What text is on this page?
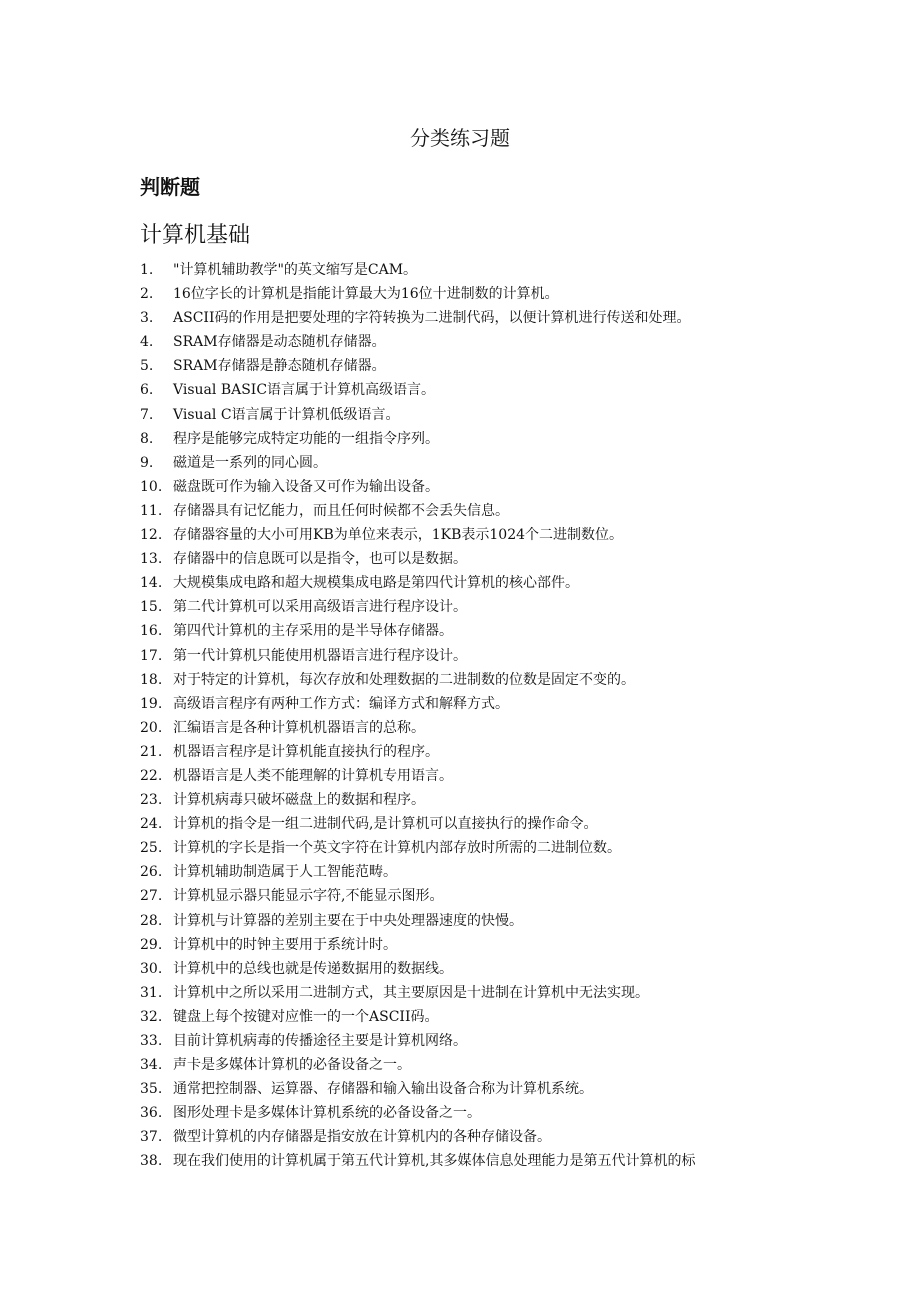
分类练习题
判断题
计算机基础
1.	"计算机辅助教学"的英文缩写是CAM。
2.	16位字长的计算机是指能计算最大为16位十进制数的计算机。
3.	ASCII码的作用是把要处理的字符转换为二进制代码，以便计算机进行传送和处理。
4.	SRAM存储器是动态随机存储器。
5.	SRAM存储器是静态随机存储器。
6.	Visual BASIC语言属于计算机高级语言。
7.	Visual C语言属于计算机低级语言。
8.	程序是能够完成特定功能的一组指令序列。
9.	磁道是一系列的同心圆。
10. 磁盘既可作为输入设备又可作为输出设备。
11. 存储器具有记忆能力，而且任何时候都不会丢失信息。
12. 存储器容量的大小可用KB为单位来表示，1KB表示1024个二进制数位。
13. 存储器中的信息既可以是指令，也可以是数据。
14. 大规模集成电路和超大规模集成电路是第四代计算机的核心部件。
15. 第二代计算机可以采用高级语言进行程序设计。
16. 第四代计算机的主存采用的是半导体存储器。
17. 第一代计算机只能使用机器语言进行程序设计。
18. 对于特定的计算机，每次存放和处理数据的二进制数的位数是固定不变的。
19. 高级语言程序有两种工作方式：编译方式和解释方式。
20. 汇编语言是各种计算机机器语言的总称。
21. 机器语言程序是计算机能直接执行的程序。
22. 机器语言是人类不能理解的计算机专用语言。
23. 计算机病毒只破坏磁盘上的数据和程序。
24. 计算机的指令是一组二进制代码,是计算机可以直接执行的操作命令。
25. 计算机的字长是指一个英文字符在计算机内部存放时所需的二进制位数。
26. 计算机辅助制造属于人工智能范畴。
27. 计算机显示器只能显示字符,不能显示图形。
28. 计算机与计算器的差别主要在于中央处理器速度的快慢。
29. 计算机中的时钟主要用于系统计时。
30. 计算机中的总线也就是传递数据用的数据线。
31. 计算机中之所以采用二进制方式，其主要原因是十进制在计算机中无法实现。
32. 键盘上每个按键对应惟一的一个ASCII码。
33. 目前计算机病毒的传播途径主要是计算机网络。
34. 声卡是多媒体计算机的必备设备之一。
35. 通常把控制器、运算器、存储器和输入输出设备合称为计算机系统。
36. 图形处理卡是多媒体计算机系统的必备设备之一。
37. 微型计算机的内存储器是指安放在计算机内的各种存储设备。
38. 现在我们使用的计算机属于第五代计算机,其多媒体信息处理能力是第五代计算机的标
